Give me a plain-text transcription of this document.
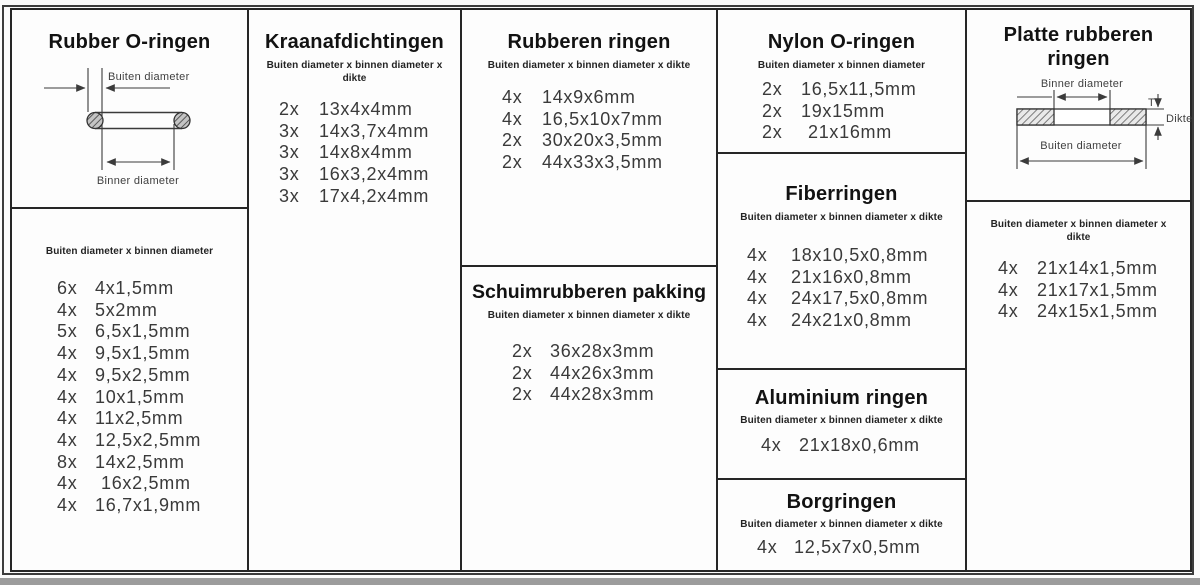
Rubber O-ringen
Buiten diameter
Binner diameter
Buiten diameter x binnen diameter
6x 4x1,5mm
4x 5x2mm
5x 6,5x1,5mm
4x 9,5x1,5mm
4x 9,5x2,5mm
4x 10x1,5mm
4x 11x2,5mm
4x 12,5x2,5mm
8x 14x2,5mm
4x	16x2,5mm
4x 16,7x1,9mm
Kraanafdichtingen
Buiten diameter x binnen diameter x dikte
2x	13x4x4mm
3x	14x3,7x4mm
3x	14x8x4mm
3x	16x3,2x4mm
3x	17x4,2x4mm
Rubberen ringen
Buiten diameter x binnen diameter x dikte
4x	14x9x6mm
4x	16,5x10x7mm
2x	30x20x3,5mm
2x	44x33x3,5mm
Schuimrubberen pakking
Buiten diameter x binnen diameter x dikte
2x 36x28x3mm
2x 44x26x3mm
2x 44x28x3mm
Nylon O-ringen
Buiten diameter x binnen diameter
2x	16,5x11,5mm
2x	19x15mm
2x	21x16mm
Fiberringen
Buiten diameter x binnen diameter x dikte
4x	18x10,5x0,8mm
4x	21x16x0,8mm
4x	24x17,5x0,8mm
4x	24x21x0,8mm
Aluminium ringen
Buiten diameter x binnen diameter x dikte
4x 21x18x0,6mm
Borgringen
Buiten diameter x binnen diameter x dikte
4x 12,5x7x0,5mm
Platte rubberen ringen
Binner diameter
T
Dikte
Buiten diameter
Buiten diameter x binnen diameter x dikte
4x	21x14x1,5mm
4x	21x17x1,5mm
4x	24x15x1,5mm
